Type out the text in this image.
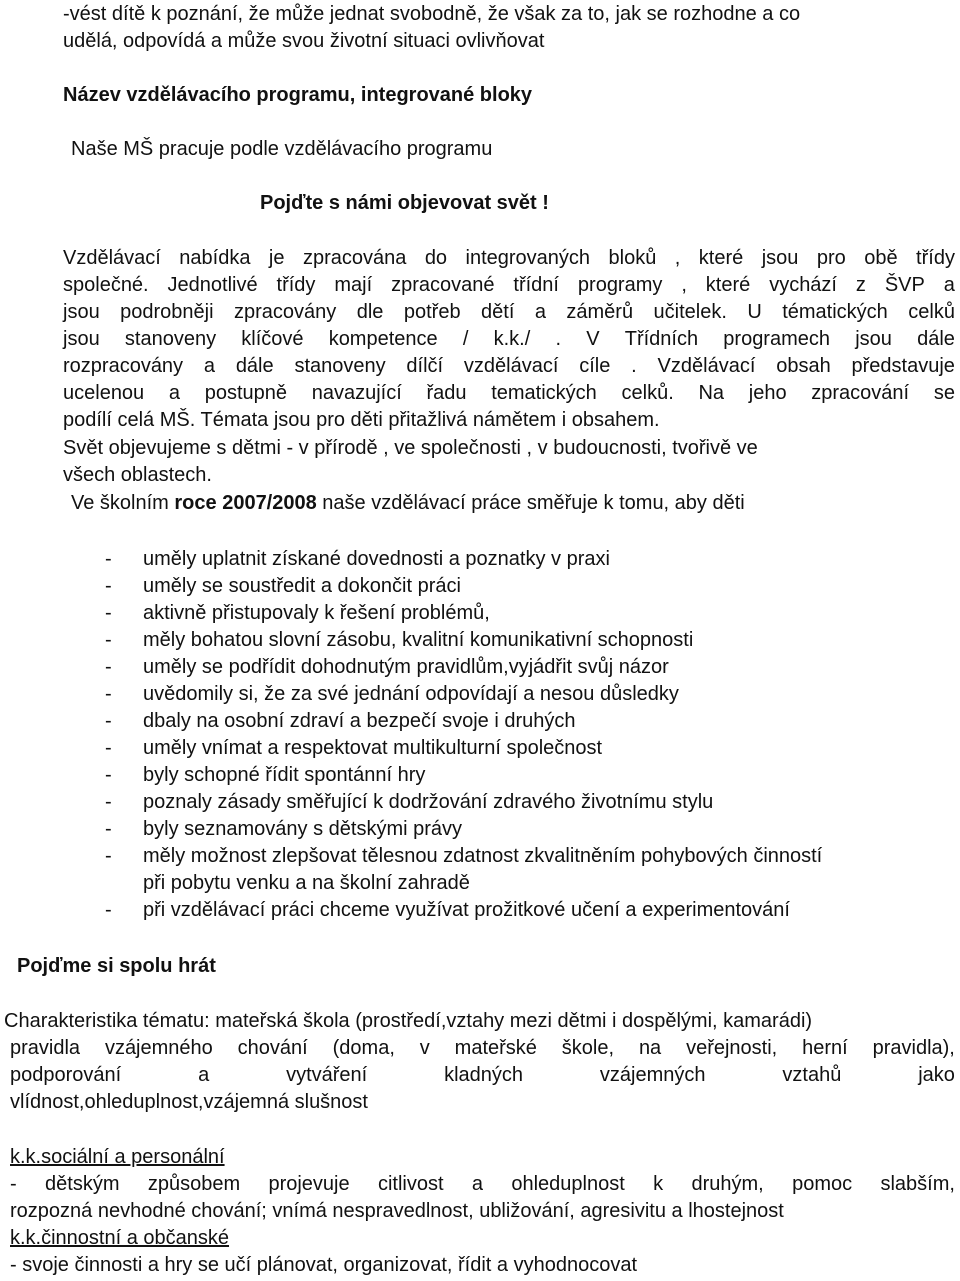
-vést dítě k poznání, že může jednat svobodně, že však za to, jak se rozhodne a co
udělá, odpovídá a může svou životní situaci ovlivňovat
Název vzdělávacího programu, integrované bloky
Naše MŠ pracuje podle vzdělávacího programu
Pojďte s námi objevovat svět !
Vzdělávací nabídka je zpracována do integrovaných bloků , které jsou pro obě třídy
společné. Jednotlivé třídy mají zpracované třídní programy , které vychází z ŠVP a
jsou podrobněji zpracovány dle potřeb dětí a záměrů učitelek. U tématických celků
jsou stanoveny klíčové kompetence / k.k./ . V Třídních programech jsou dále
rozpracovány a dále stanoveny dílčí vzdělávací cíle . Vzdělávací obsah představuje
ucelenou a postupně navazující řadu tematických celků. Na jeho zpracování se
podílí celá MŠ. Témata jsou pro děti přitažlivá námětem i obsahem.
Svět objevujeme s dětmi - v přírodě , ve společnosti , v budoucnosti, tvořivě ve
všech oblastech.
Ve školním roce 2007/2008 naše vzdělávací práce směřuje k tomu, aby děti
- uměly uplatnit získané dovednosti a poznatky v praxi
- uměly se soustředit a dokončit práci
- aktivně přistupovaly k řešení problémů,
- měly bohatou slovní zásobu, kvalitní komunikativní schopnosti
- uměly se podřídit dohodnutým pravidlům,vyjádřit svůj názor
- uvědomily si, že za své jednání odpovídají a nesou důsledky
- dbaly na osobní zdraví a bezpečí svoje i druhých
- uměly vnímat a respektovat multikulturní společnost
- byly schopné řídit spontánní hry
- poznaly zásady směřující k dodržování zdravého životnímu stylu
- byly seznamovány s dětskými právy
- měly možnost zlepšovat tělesnou zdatnost zkvalitněním pohybových činností
při pobytu venku a na školní zahradě
- při vzdělávací práci chceme využívat prožitkové učení a experimentování
Pojďme si spolu hrát
Charakteristika tématu: mateřská škola (prostředí,vztahy mezi dětmi i dospělými, kamarádi)
pravidla vzájemného chování (doma, v mateřské škole, na veřejnosti, herní pravidla),
podporování	a	vytváření	kladných	vzájemných	vztahů	jako
vlídnost,ohleduplnost,vzájemná slušnost
k.k.sociální a personální
- dětským způsobem projevuje citlivost a ohleduplnost k druhým, pomoc slabším,
rozpozná nevhodné chování; vnímá nespravedlnost, ubližování, agresivitu a lhostejnost
k.k.činnostní a občanské
- svoje činnosti a hry se učí plánovat, organizovat, řídit a vyhodnocovat
